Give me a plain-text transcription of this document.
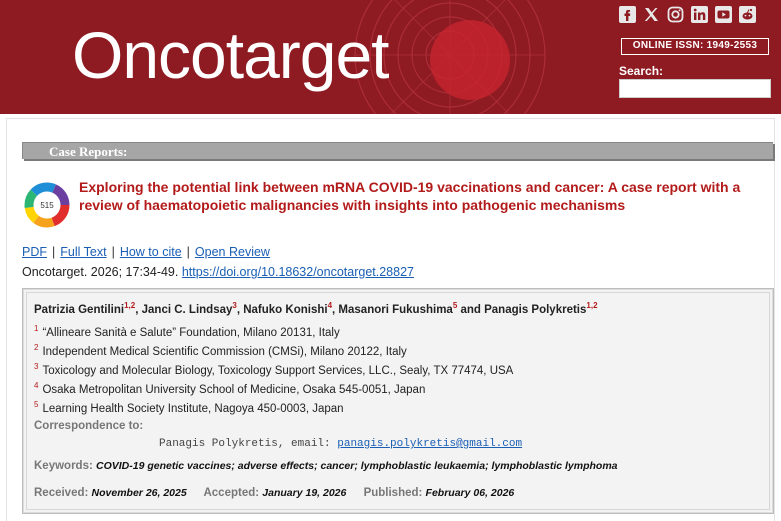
Oncotarget	ONLINE ISSN: 1949-2553
Search:
Case Reports:
515
Exploring the potential link between mRNA COVID-19 vaccinations and cancer: A case report with a review of haematopoietic malignancies with insights into pathogenic mechanisms
PDF | Full Text | How to cite | Open Review
Oncotarget. 2026; 17:34-49. https://doi.org/10.18632/oncotarget.28827
Patrizia Gentilini$^{1,2}$, Janci C. Lindsay$^3$, Nafuko Konishi$^4$, Masanori Fukushima$^5$ and Panagis Polykretis$^{1,2}$
$^1$ “Allineare Sanità e Salute” Foundation, Milano 20131, Italy
$^2$ Independent Medical Scientific Commission (CMSi), Milano 20122, Italy
$^3$ Toxicology and Molecular Biology, Toxicology Support Services, LLC., Sealy, TX 77474, USA
$^4$ Osaka Metropolitan University School of Medicine, Osaka 545-0051, Japan
$^5$ Learning Health Society Institute, Nagoya 450-0003, Japan
Correspondence to:
Panagis Polykretis, email: panagis.polykretis@gmail.com
Keywords: COVID-19 genetic vaccines; adverse effects; cancer; lymphoblastic leukaemia; lymphoblastic lymphoma
Received: November 26, 2025 Accepted: January 19, 2026 Published: February 06, 2026
